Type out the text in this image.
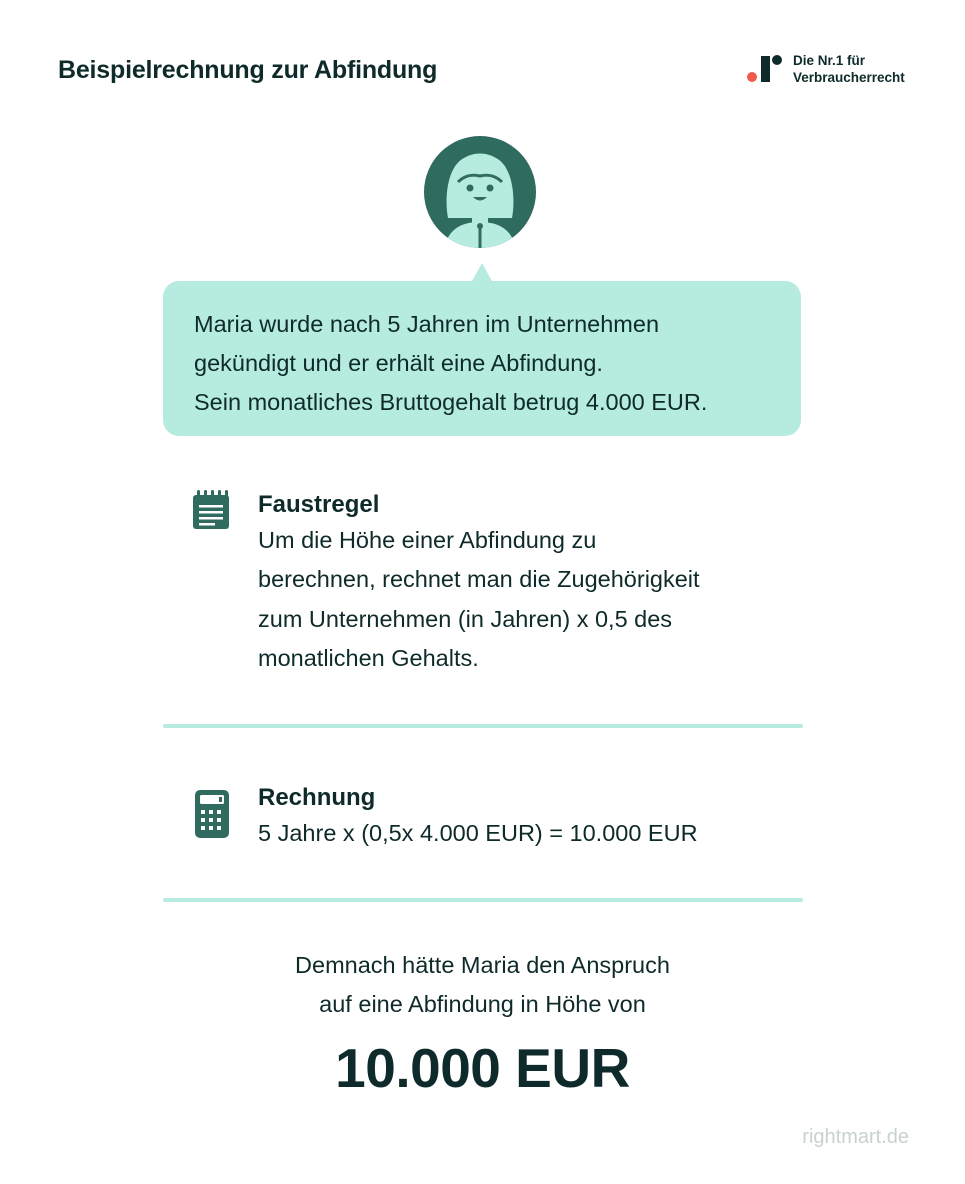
Beispielrechnung zur Abfindung	Die Nr.1 für
Verbraucherrecht
Maria wurde nach 5 Jahren im Unternehmen
gekündigt und er erhält eine Abfindung.
Sein monatliches Bruttogehalt betrug 4.000 EUR.
Faustregel
Um die Höhe einer Abfindung zu
berechnen, rechnet man die Zugehörigkeit
zum Unternehmen (in Jahren) x 0,5 des
monatlichen Gehalts.
Rechnung
5 Jahre x (0,5x 4.000 EUR) = 10.000 EUR
Demnach hätte Maria den Anspruch
auf eine Abfindung in Höhe von
10.000 EUR
rightmart.de
